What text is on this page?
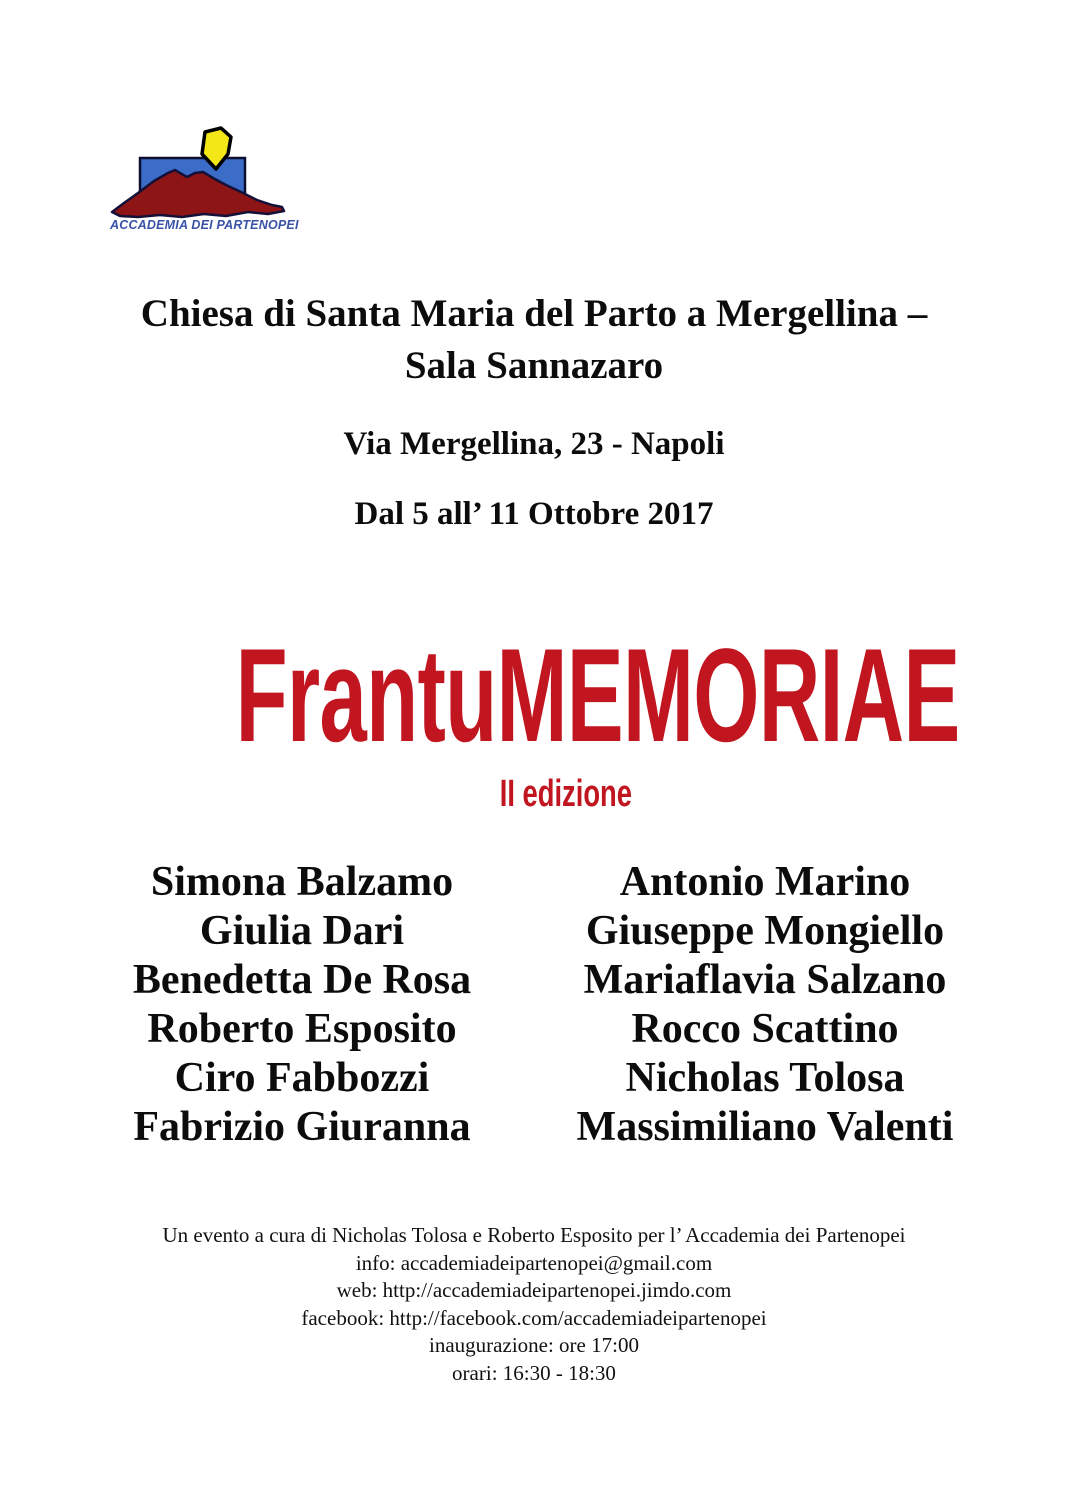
ACCADEMIA DEI PARTENOPEI
Chiesa di Santa Maria del Parto a Mergellina –
Sala Sannazaro
Via Mergellina, 23 - Napoli
Dal 5 all’ 11 Ottobre 2017
FrantuMEMORIAE
II edizione
Simona Balzamo
Giulia Dari
Benedetta De Rosa
Roberto Esposito
Ciro Fabbozzi
Fabrizio Giuranna
Antonio Marino
Giuseppe Mongiello
Mariaflavia Salzano
Rocco Scattino
Nicholas Tolosa
Massimiliano Valenti
Un evento a cura di Nicholas Tolosa e Roberto Esposito per l’ Accademia dei Partenopei
info: accademiadeipartenopei@gmail.com
web: http://accademiadeipartenopei.jimdo.com
facebook: http://facebook.com/accademiadeipartenopei
inaugurazione: ore 17:00
orari: 16:30 - 18:30
